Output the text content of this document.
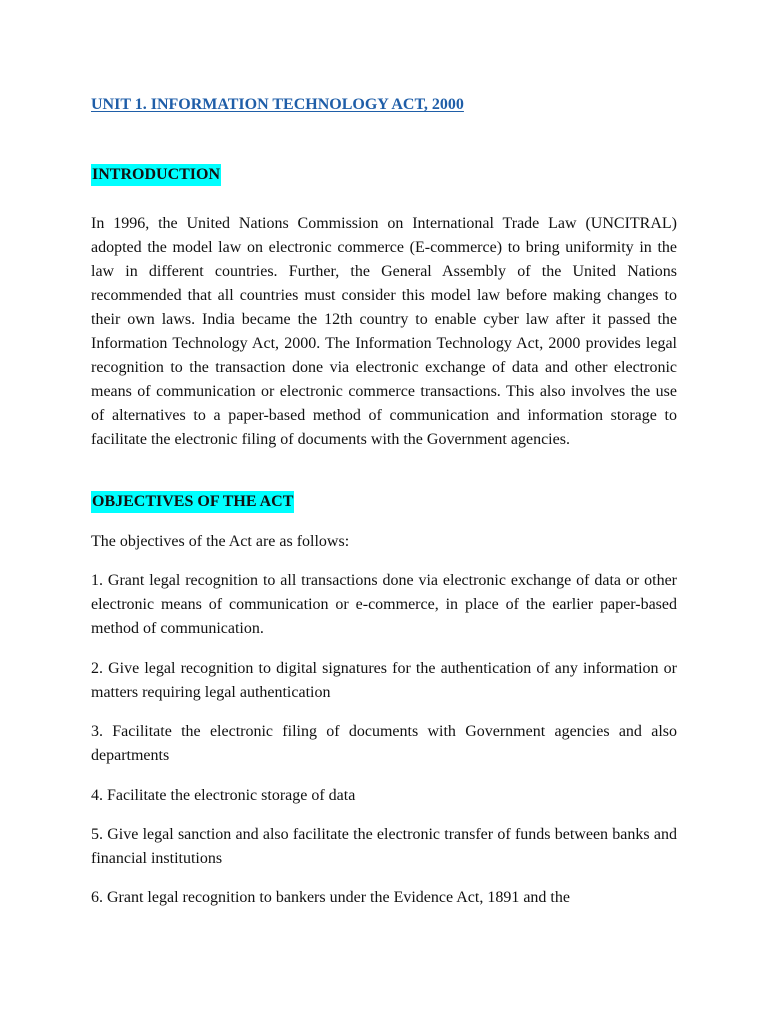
UNIT 1. INFORMATION TECHNOLOGY ACT, 2000
INTRODUCTION

In 1996, the United Nations Commission on International Trade Law (UNCITRAL) adopted the model law on electronic commerce (E-commerce) to bring uniformity in the law in different countries. Further, the General Assembly of the United Nations recommended that all countries must consider this model law before making changes to their own laws. India became the 12th country to enable cyber law after it passed the Information Technology Act, 2000. The Information Technology Act, 2000 provides legal recognition to the transaction done via electronic exchange of data and other electronic means of communication or electronic commerce transactions. This also involves the use of alternatives to a paper-based method of communication and information storage to facilitate the electronic filing of documents with the Government agencies.

OBJECTIVES OF THE ACT

The objectives of the Act are as follows:

1. Grant legal recognition to all transactions done via electronic exchange of data or other electronic means of communication or e-commerce, in place of the earlier paper-based method of communication.

2. Give legal recognition to digital signatures for the authentication of any information or matters requiring legal authentication

3. Facilitate the electronic filing of documents with Government agencies and also departments

4. Facilitate the electronic storage of data

5. Give legal sanction and also facilitate the electronic transfer of funds between banks and financial institutions

6. Grant legal recognition to bankers under the Evidence Act, 1891 and the
